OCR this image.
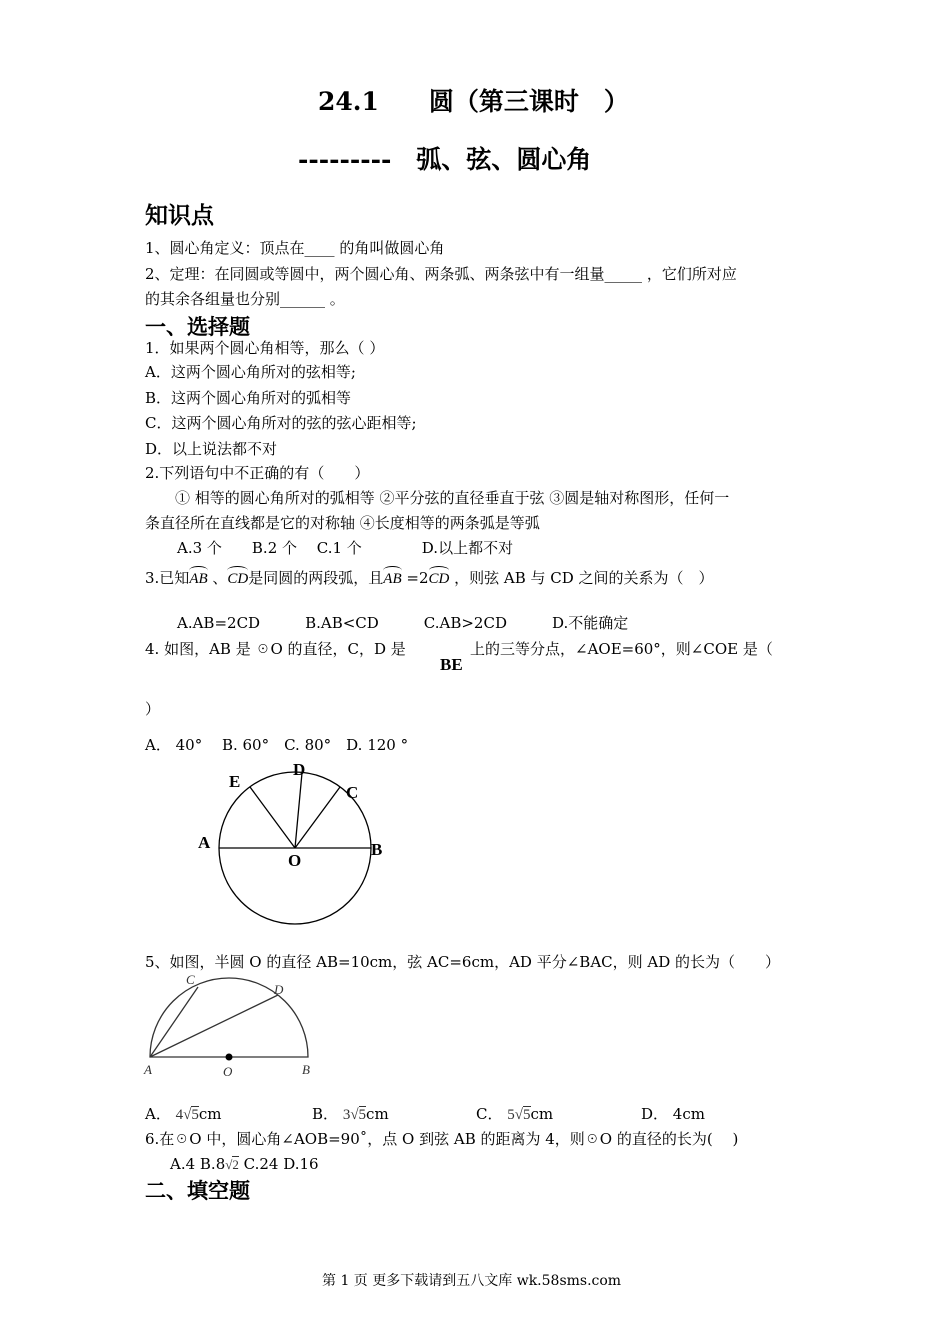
24.1　　圆（第三课时　）
---------　弧、弦、圆心角
知识点
1、圆心角定义：顶点在____ 的角叫做圆心角
2、定理：在同圆或等圆中，两个圆心角、两条弧、两条弦中有一组量_____ ，它们所对应
的其余各组量也分别______ 。
一、选择题
1．如果两个圆心角相等，那么（ ）
A．这两个圆心角所对的弦相等;
B．这两个圆心角所对的弧相等
C．这两个圆心角所对的弦的弦心距相等;
D．以上说法都不对
2.下列语句中不正确的有（　　）
① 相等的圆心角所对的弧相等 ②平分弦的直径垂直于弦 ③圆是轴对称图形，任何一
条直径所在直线都是它的对称轴 ④长度相等的两条弧是等弧
A.3 个　　B.2 个　 C.1 个　　　　D.以上都不对
3.已知AB 、CD是同圆的两段弧，且AB =2CD ，则弦 AB 与 CD 之间的关系为（　）
A.AB=2CD　　　B.AB<CD　　　C.AB>2CD　　　D.不能确定
4. 如图，AB 是 ☉O 的直径，C，D 是
BE
上的三等分点，∠AOE=60°，则∠COE 是（
）
A． 40°　 B. 60°　C. 80°　D. 120 °
E
D
C
A
O
B
5、如图，半圆 O 的直径 AB=10cm，弦 AC=6cm，AD 平分∠BAC，则 AD 的长为（　　）
C
D
A	O	B
A． 4√5cm	B． 3√5cm	C． 5√5cm	D． 4cm
6.在☉O 中，圆心角∠AOB=90˚，点 O 到弦 AB 的距离为 4，则☉O 的直径的长为(　 )
A.4 B.8√2 C.24 D.16
二、填空题
第 1 页 更多下载请到五八文库 wk.58sms.com
